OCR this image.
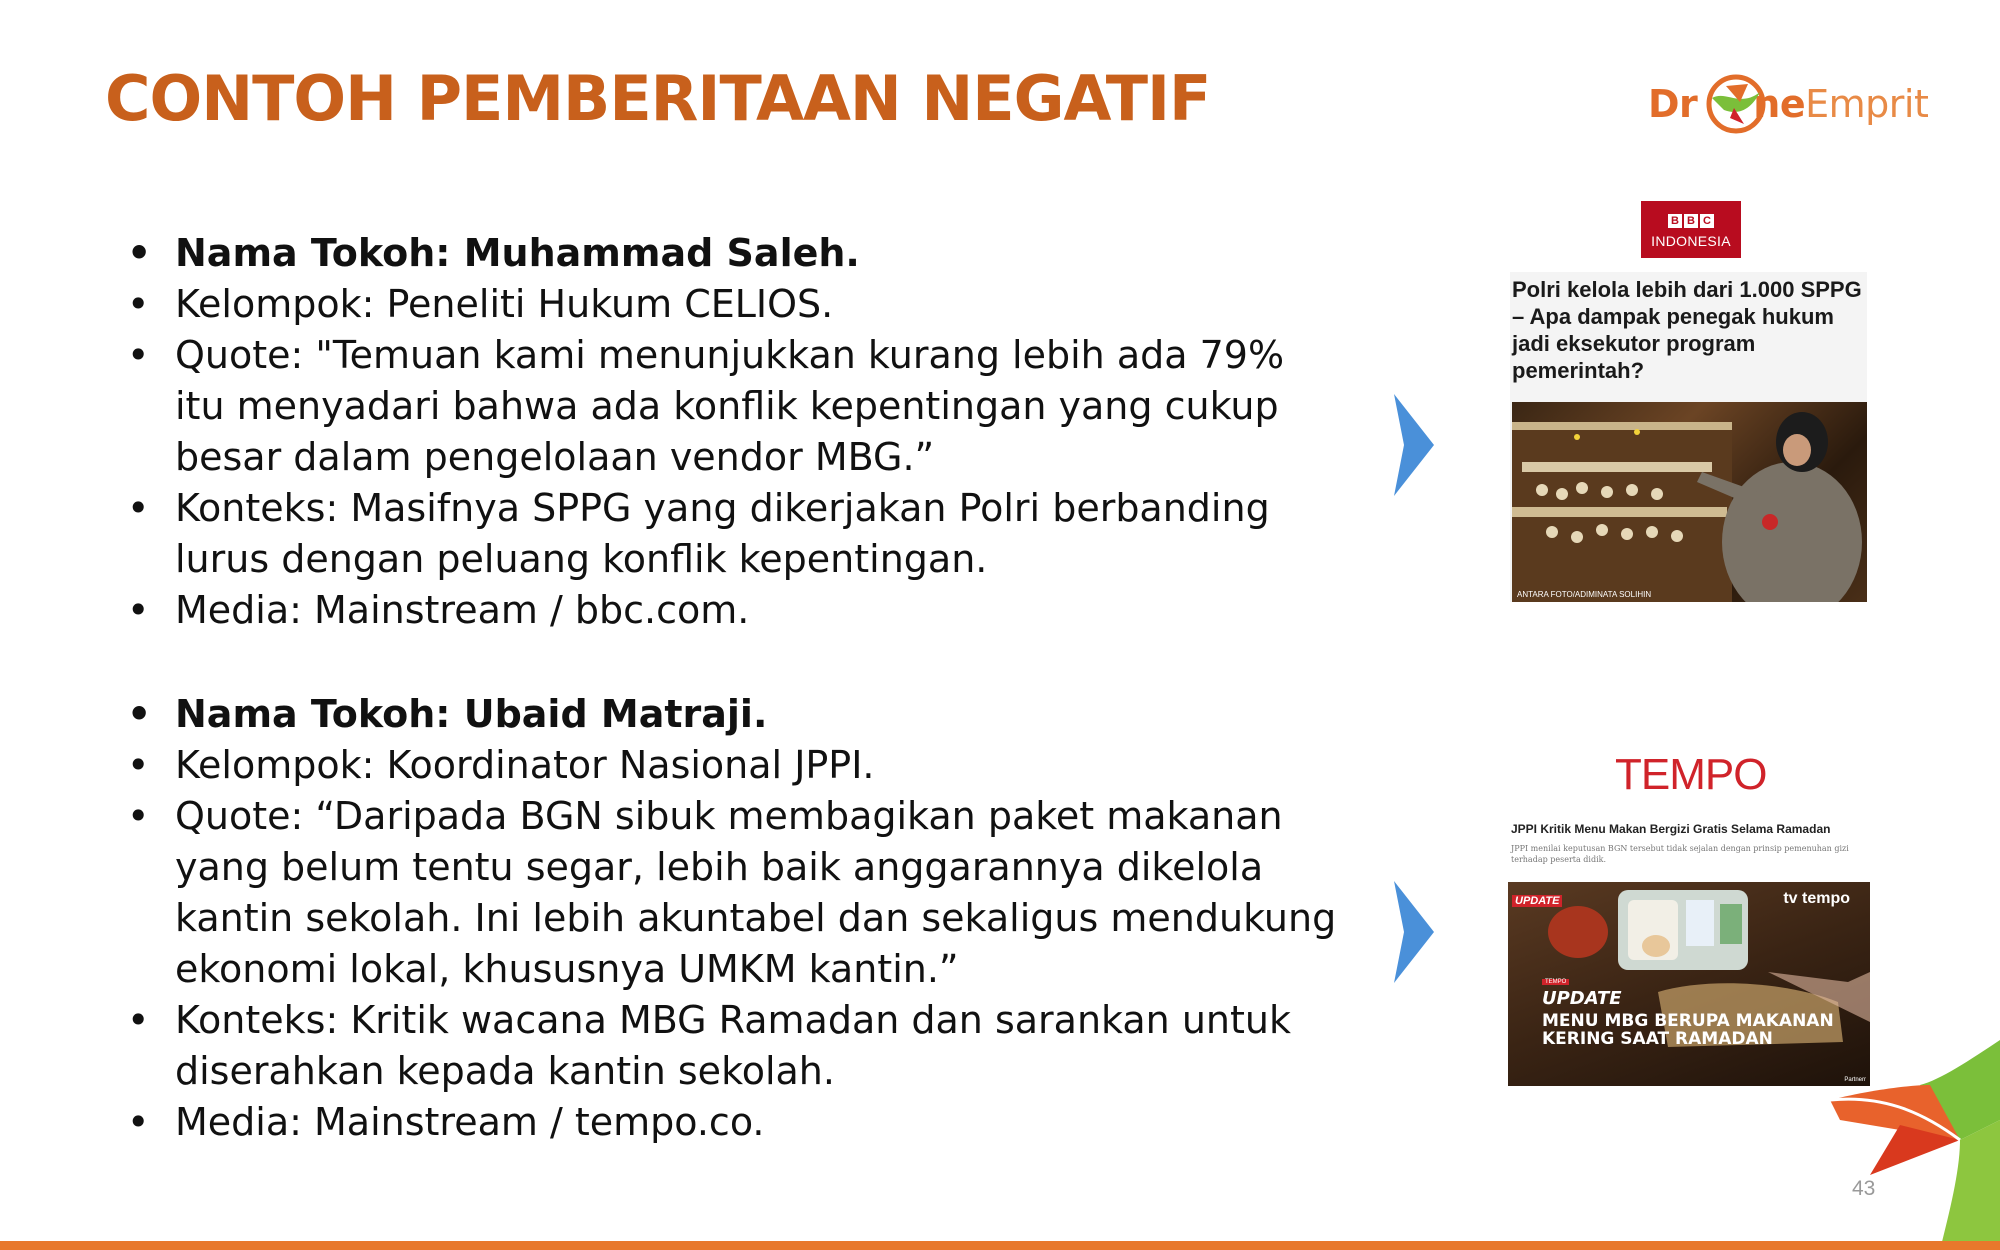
CONTOH PEMBERITAAN NEGATIF	Dr neEmprit
• Nama Tokoh: Muhammad Saleh.
• Kelompok: Peneliti Hukum CELIOS.
• Quote: "Temuan kami menunjukkan kurang lebih ada 79% itu menyadari bahwa ada konflik kepentingan yang cukup besar dalam pengelolaan vendor MBG.”
• Konteks: Masifnya SPPG yang dikerjakan Polri berbanding lurus dengan peluang konflik kepentingan.
• Media: Mainstream / bbc.com.
• Nama Tokoh: Ubaid Matraji.
• Kelompok: Koordinator Nasional JPPI.
• Quote: “Daripada BGN sibuk membagikan paket makanan yang belum tentu segar, lebih baik anggarannya dikelola kantin sekolah. Ini lebih akuntabel dan sekaligus mendukung ekonomi lokal, khususnya UMKM kantin.”
• Konteks: Kritik wacana MBG Ramadan dan sarankan untuk diserahkan kepada kantin sekolah.
• Media: Mainstream / tempo.co.
B B C
INDONESIA
Polri kelola lebih dari 1.000 SPPG – Apa dampak penegak hukum jadi eksekutor program pemerintah?
ANTARA FOTO/ADIMINATA SOLIHIN
TEMPO
JPPI Kritik Menu Makan Bergizi Gratis Selama Ramadan
JPPI menilai keputusan BGN tersebut tidak sejalan dengan prinsip pemenuhan gizi terhadap peserta didik.
tv tempo
UPDATE
TEMPO
UPDATE
MENU MBG BERUPA MAKANAN
KERING SAAT RAMADAN
Partnerr
43
